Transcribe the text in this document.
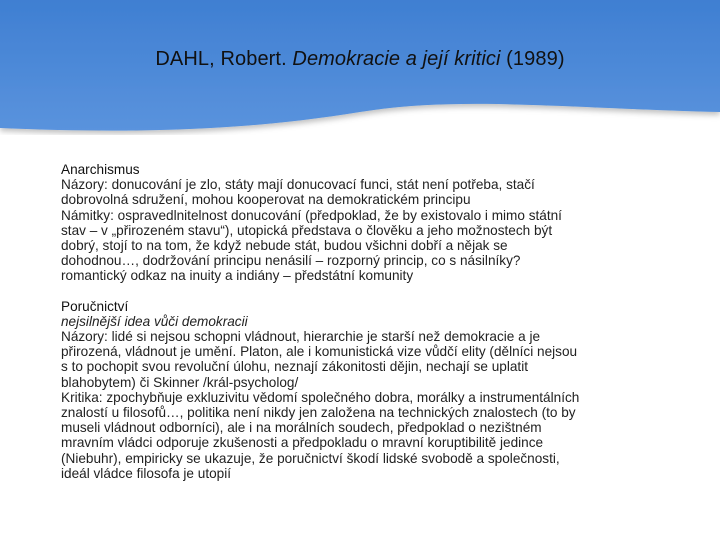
DAHL, Robert. Demokracie a její kritici (1989)

Anarchismus

Názory: donucování je zlo, státy mají donucovací funci, stát není potřeba, stačí

dobrovolná sdružení, mohou kooperovat na demokratickém principu

Námitky: ospravedlnitelnost donucování (předpoklad, že by existovalo i mimo státní

stav – v „přirozeném stavu“), utopická představa o člověku a jeho možnostech být

dobrý, stojí to na tom, že když nebude stát, budou všichni dobří a nějak se

dohodnou…, dodržování principu nenásilí – rozporný princip, co s násilníky?

romantický odkaz na inuity a indiány – předstátní komunity

Poručnictví

nejsilnější idea vůči demokracii

Názory: lidé si nejsou schopni vládnout, hierarchie je starší než demokracie a je

přirozená, vládnout je umění. Platon, ale i komunistická vize vůdčí elity (dělníci nejsou

s to pochopit svou revoluční úlohu, neznají zákonitosti dějin, nechají se uplatit

blahobytem) či Skinner /král-psycholog/

Kritika: zpochybňuje exkluzivitu vědomí společného dobra, morálky a instrumentálních

znalostí u filosofů…, politika není nikdy jen založena na technických znalostech (to by

museli vládnout odborníci), ale i na morálních soudech, předpoklad o nezištném

mravním vládci odporuje zkušenosti a předpokladu o mravní koruptibilitě jedince

(Niebuhr), empiricky se ukazuje, že poručnictví škodí lidské svobodě a společnosti,

ideál vládce filosofa je utopií
